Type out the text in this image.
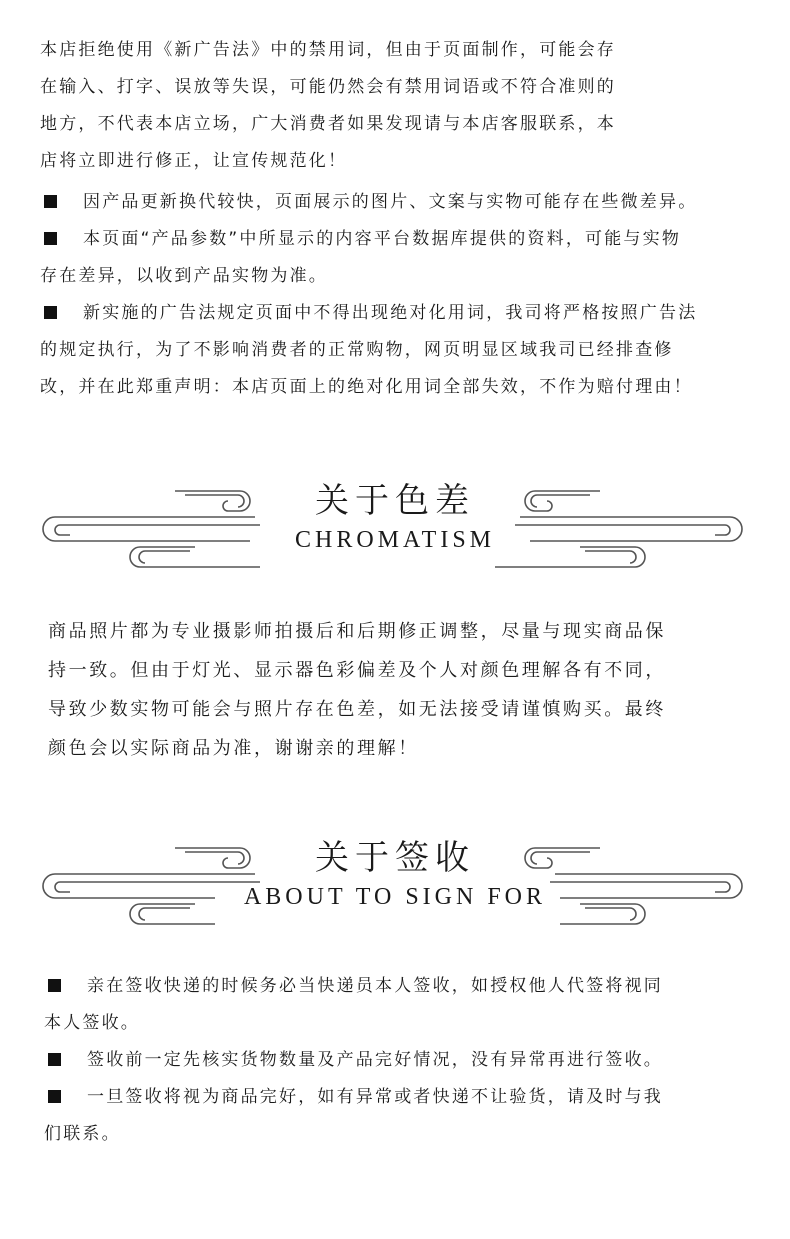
本店拒绝使用《新广告法》中的禁用词，但由于页面制作，可能会存
在输入、打字、误放等失误，可能仍然会有禁用词语或不符合准则的
地方，不代表本店立场，广大消费者如果发现请与本店客服联系，本
店将立即进行修正，让宣传规范化！
因产品更新换代较快，页面展示的图片、文案与实物可能存在些微差异。
本页面“产品参数”中所显示的内容平台数据库提供的资料，可能与实物
存在差异，以收到产品实物为准。
新实施的广告法规定页面中不得出现绝对化用词，我司将严格按照广告法
的规定执行，为了不影响消费者的正常购物，网页明显区域我司已经排查修
改，并在此郑重声明：本店页面上的绝对化用词全部失效，不作为赔付理由！
关于色差
CHROMATISM
商品照片都为专业摄影师拍摄后和后期修正调整，尽量与现实商品保
持一致。但由于灯光、显示器色彩偏差及个人对颜色理解各有不同，
导致少数实物可能会与照片存在色差，如无法接受请谨慎购买。最终
颜色会以实际商品为准，谢谢亲的理解！
关于签收
ABOUT TO SIGN FOR
亲在签收快递的时候务必当快递员本人签收，如授权他人代签将视同
本人签收。
签收前一定先核实货物数量及产品完好情况，没有异常再进行签收。
一旦签收将视为商品完好，如有异常或者快递不让验货，请及时与我
们联系。
